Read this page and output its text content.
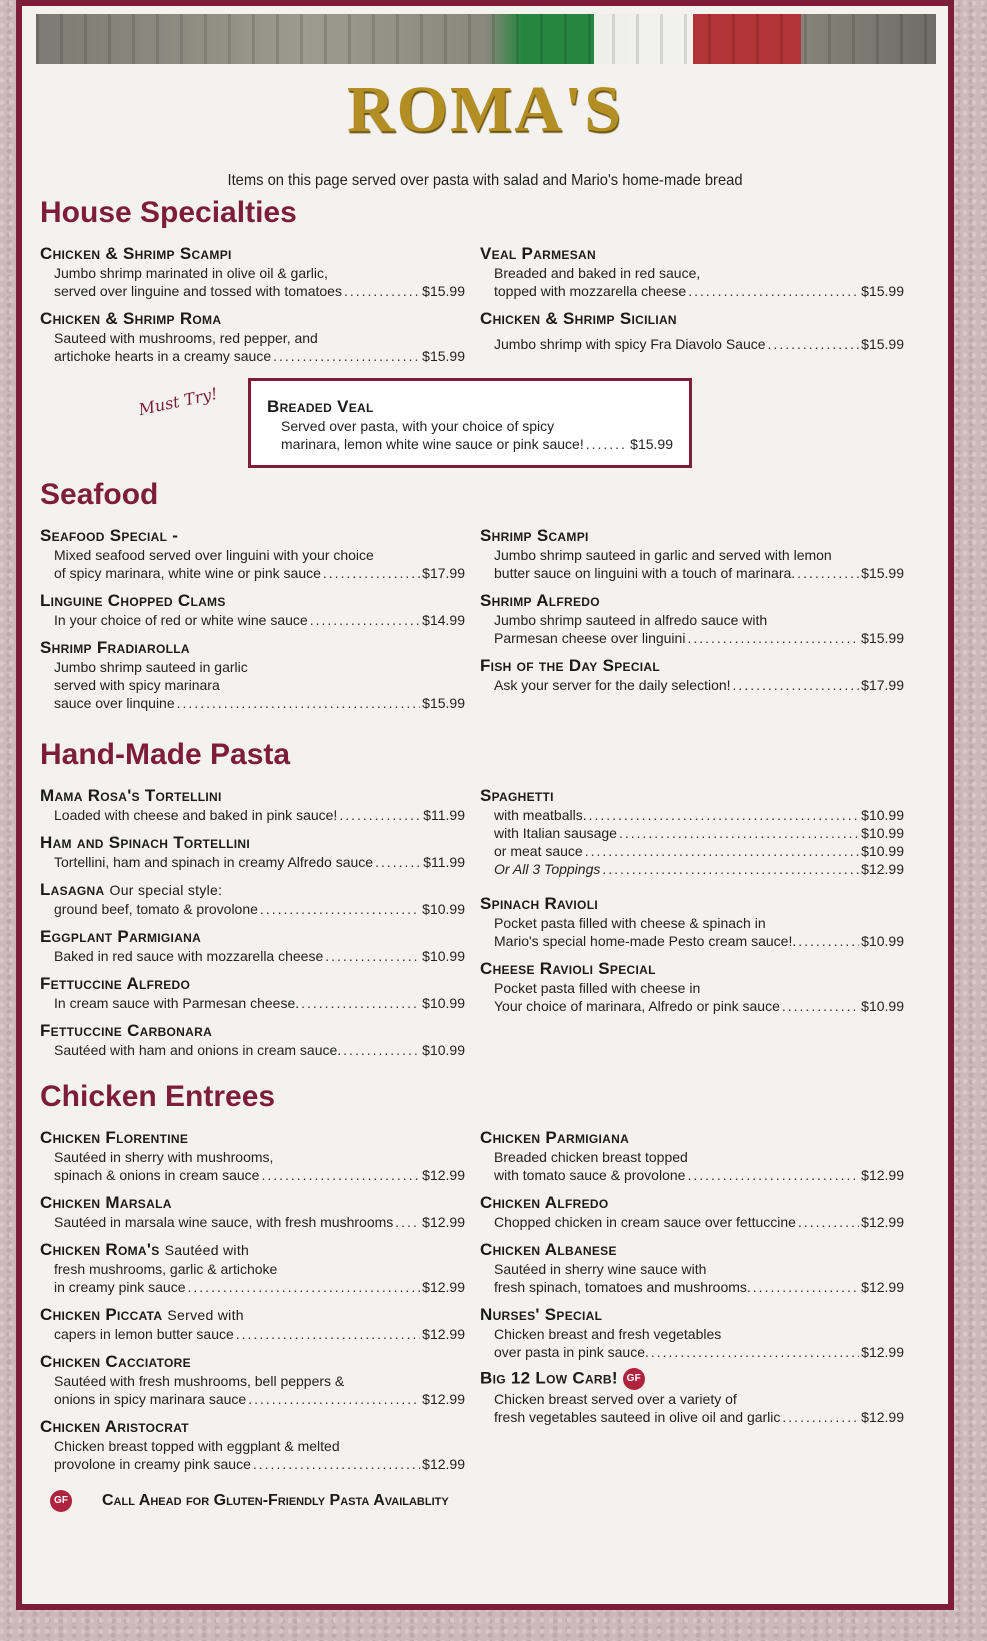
ROMA'S
Items on this page served over pasta with salad and Mario's home-made bread
House Specialties
Chicken & Shrimp Scampi
Jumbo shrimp marinated in olive oil & garlic,
served over linguine and tossed with tomatoes .....	$15.99
Chicken & Shrimp Roma
Sauteed with mushrooms, red pepper, and
artichoke hearts in a creamy sauce .....	$15.99
Veal Parmesan
Breaded and baked in red sauce,
topped with mozzarella cheese .....	$15.99
Chicken & Shrimp Sicilian
Jumbo shrimp with spicy Fra Diavolo Sauce .....	$15.99
Must Try!	Breaded Veal
Served over pasta, with your choice of spicy
marinara, lemon white wine sauce or pink sauce! .....	$15.99
Seafood
Seafood Special -
Mixed seafood served over linguini with your choice
of spicy marinara, white wine or pink sauce .....	$17.99
Linguine Chopped Clams
In your choice of red or white wine sauce .....	$14.99
Shrimp Fradiarolla
Jumbo shrimp sauteed in garlic
served with spicy marinara
sauce over linquine .....	$15.99
Shrimp Scampi
Jumbo shrimp sauteed in garlic and served with lemon
butter sauce on linguini with a touch of marinara. .....	$15.99
Shrimp Alfredo
Jumbo shrimp sauteed in alfredo sauce with
Parmesan cheese over linguini .....	$15.99
Fish of the Day Special
Ask your server for the daily selection! .....	$17.99
Hand-Made Pasta
Mama Rosa's Tortellini
Loaded with cheese and baked in pink sauce! .....	$11.99
Ham and Spinach Tortellini
Tortellini, ham and spinach in creamy Alfredo sauce .....	$11.99
Lasagna Our special style:
ground beef, tomato & provolone .....	$10.99
Eggplant Parmigiana
Baked in red sauce with mozzarella cheese .....	$10.99
Fettuccine Alfredo
In cream sauce with Parmesan cheese. .....	$10.99
Fettuccine Carbonara
Sautéed with ham and onions in cream sauce. .....	$10.99
Spaghetti
with meatballs. .....	$10.99
with Italian sausage .....	$10.99
or meat sauce .....	$10.99
Or All 3 Toppings .....	$12.99
Spinach Ravioli
Pocket pasta filled with cheese & spinach in
Mario's special home-made Pesto cream sauce!. .....	$10.99
Cheese Ravioli Special
Pocket pasta filled with cheese in
Your choice of marinara, Alfredo or pink sauce .....	$10.99
Chicken Entrees
Chicken Florentine
Sautéed in sherry with mushrooms,
spinach & onions in cream sauce .....	$12.99
Chicken Marsala
Sautéed in marsala wine sauce, with fresh mushrooms ..... $12.99
Chicken Roma's Sautéed with
fresh mushrooms, garlic & artichoke
in creamy pink sauce .....	$12.99
Chicken Piccata Served with
capers in lemon butter sauce .....	$12.99
Chicken Cacciatore
Sautéed with fresh mushrooms, bell peppers &
onions in spicy marinara sauce .....	$12.99
Chicken Aristocrat
Chicken breast topped with eggplant & melted
provolone in creamy pink sauce .....	$12.99
Chicken Parmigiana
Breaded chicken breast topped
with tomato sauce & provolone .....	$12.99
Chicken Alfredo
Chopped chicken in cream sauce over fettuccine .....	$12.99
Chicken Albanese
Sautéed in sherry wine sauce with
fresh spinach, tomatoes and mushrooms. .....	$12.99
Nurses' Special
Chicken breast and fresh vegetables
over pasta in pink sauce. .....	$12.99
Big 12 Low Carb! GF
Chicken breast served over a variety of
fresh vegetables sauteed in olive oil and garlic .....	$12.99
GF Call Ahead for Gluten-Friendly Pasta Availablity
